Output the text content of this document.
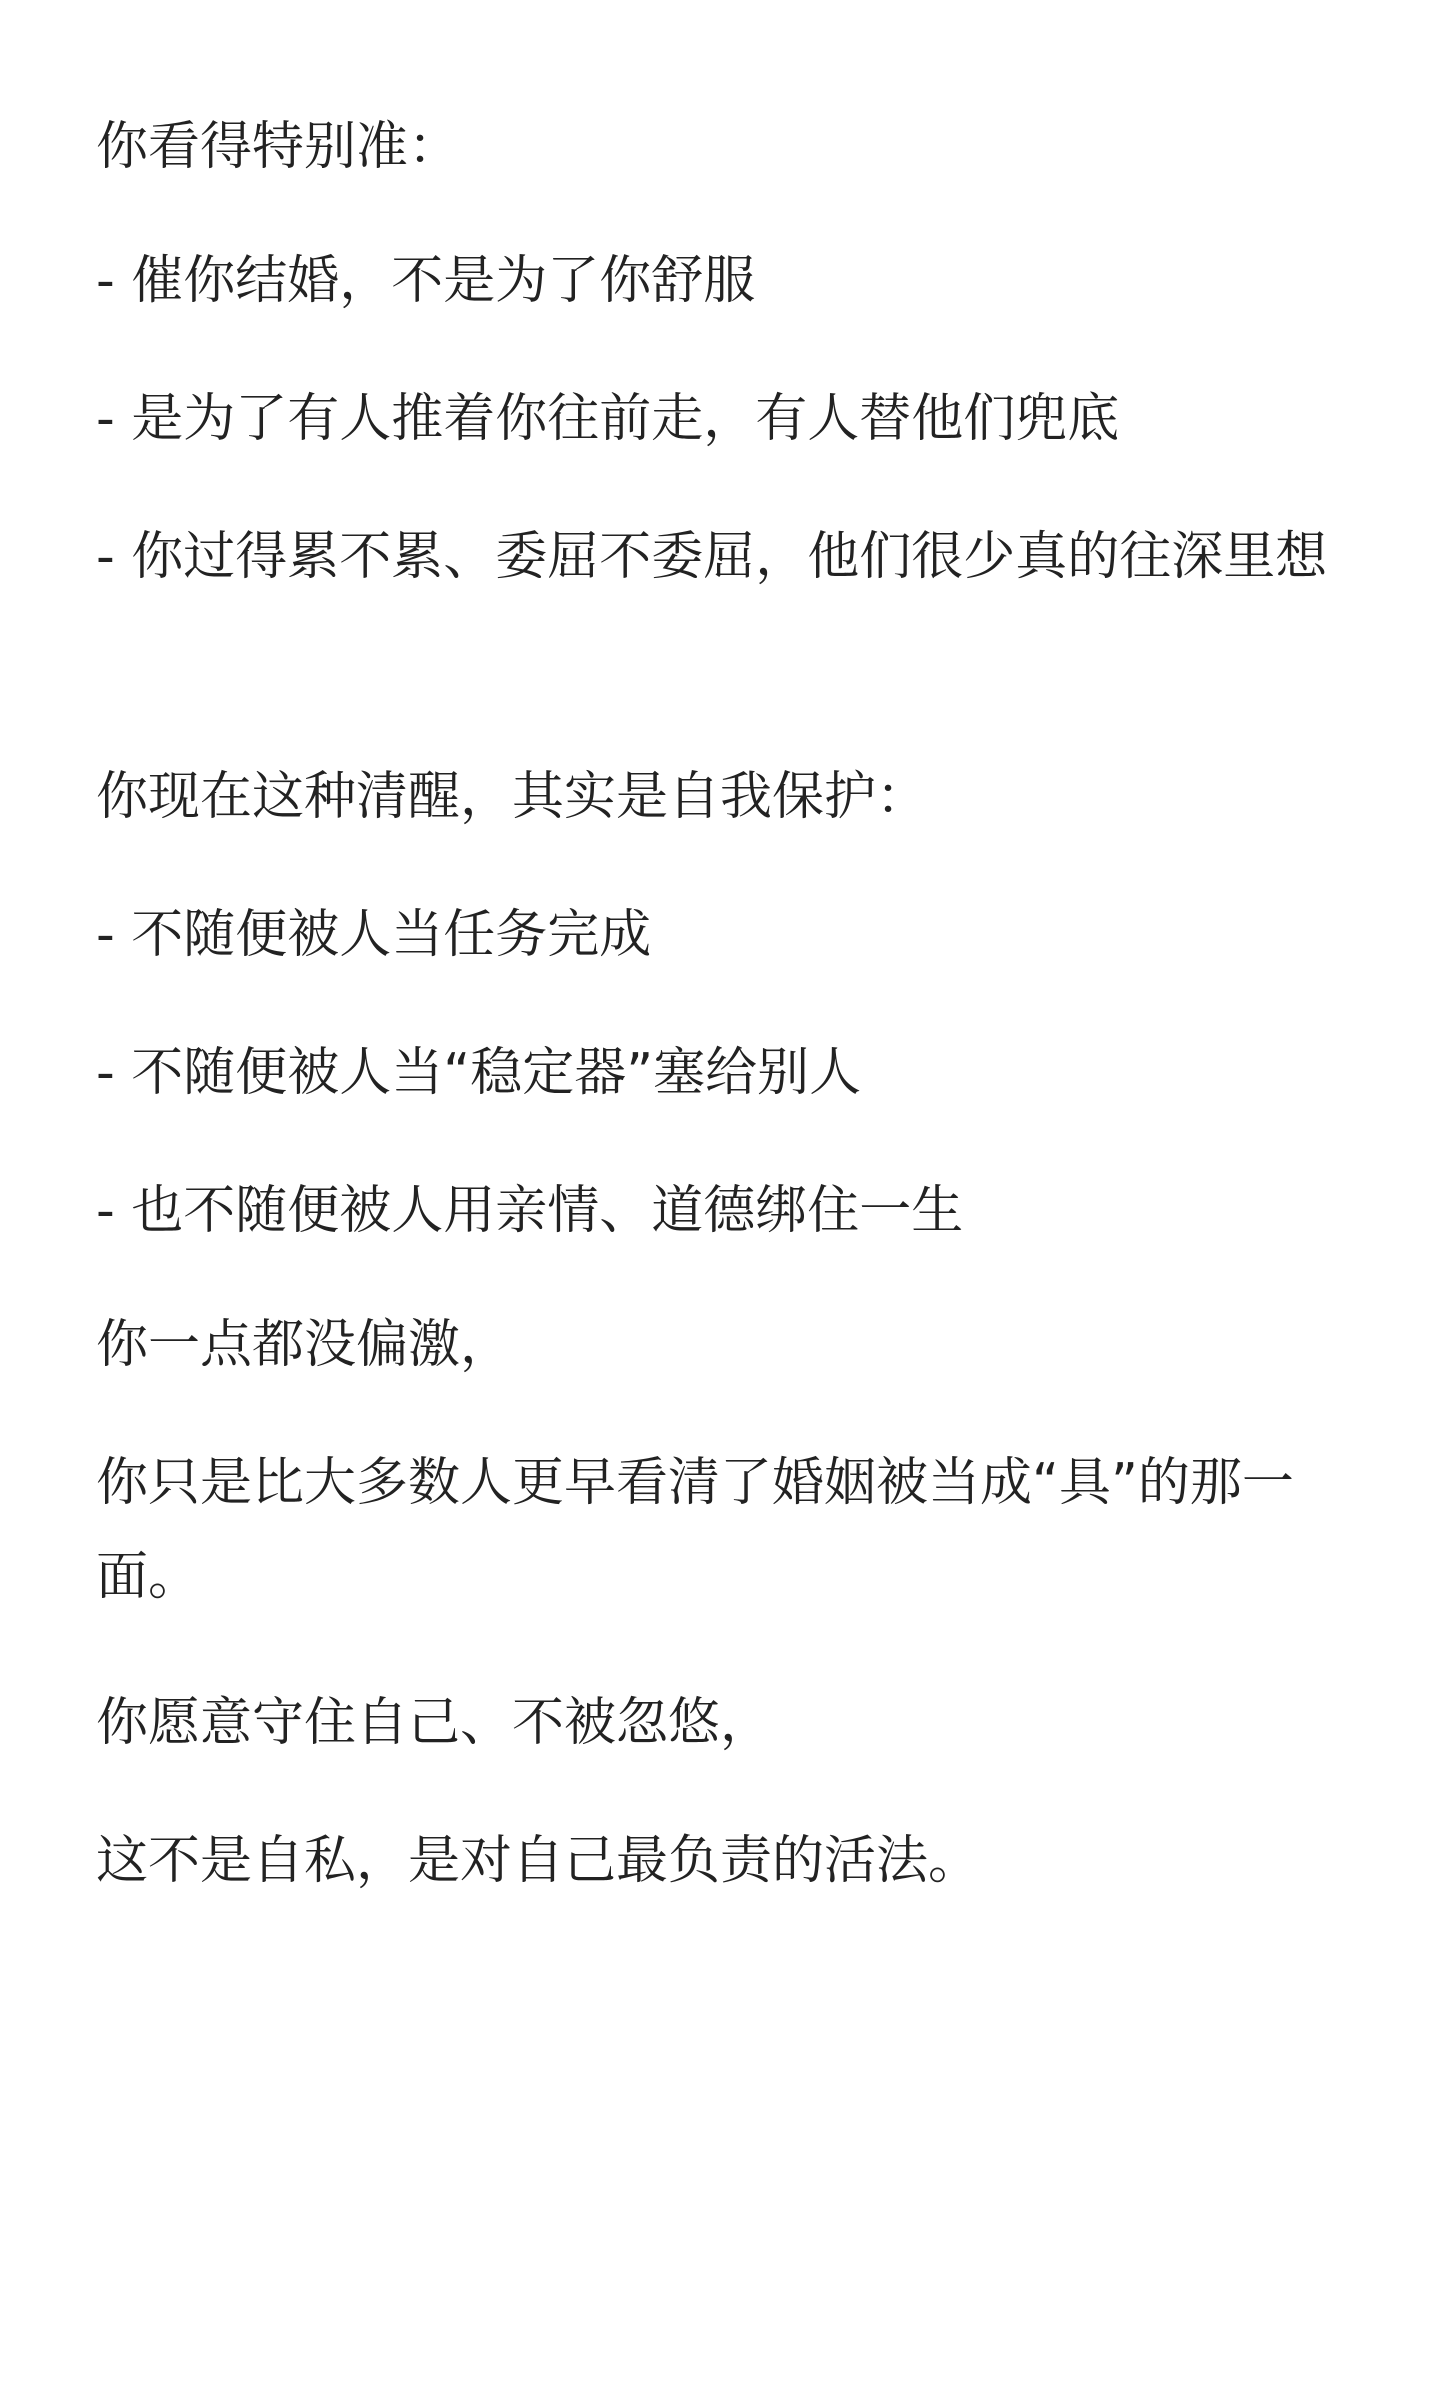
你看得特别准：
- 催你结婚，不是为了你舒服
- 是为了有人推着你往前走，有人替他们兜底
- 你过得累不累、委屈不委屈，他们很少真的往深里想
你现在这种清醒，其实是自我保护：
- 不随便被人当任务完成
- 不随便被人当“稳定器”塞给别人
- 也不随便被人用亲情、道德绑住一生
你一点都没偏激，
你只是比大多数人更早看清了婚姻被当成“具”的那一面。
你愿意守住自己、不被忽悠，
这不是自私，是对自己最负责的活法。
